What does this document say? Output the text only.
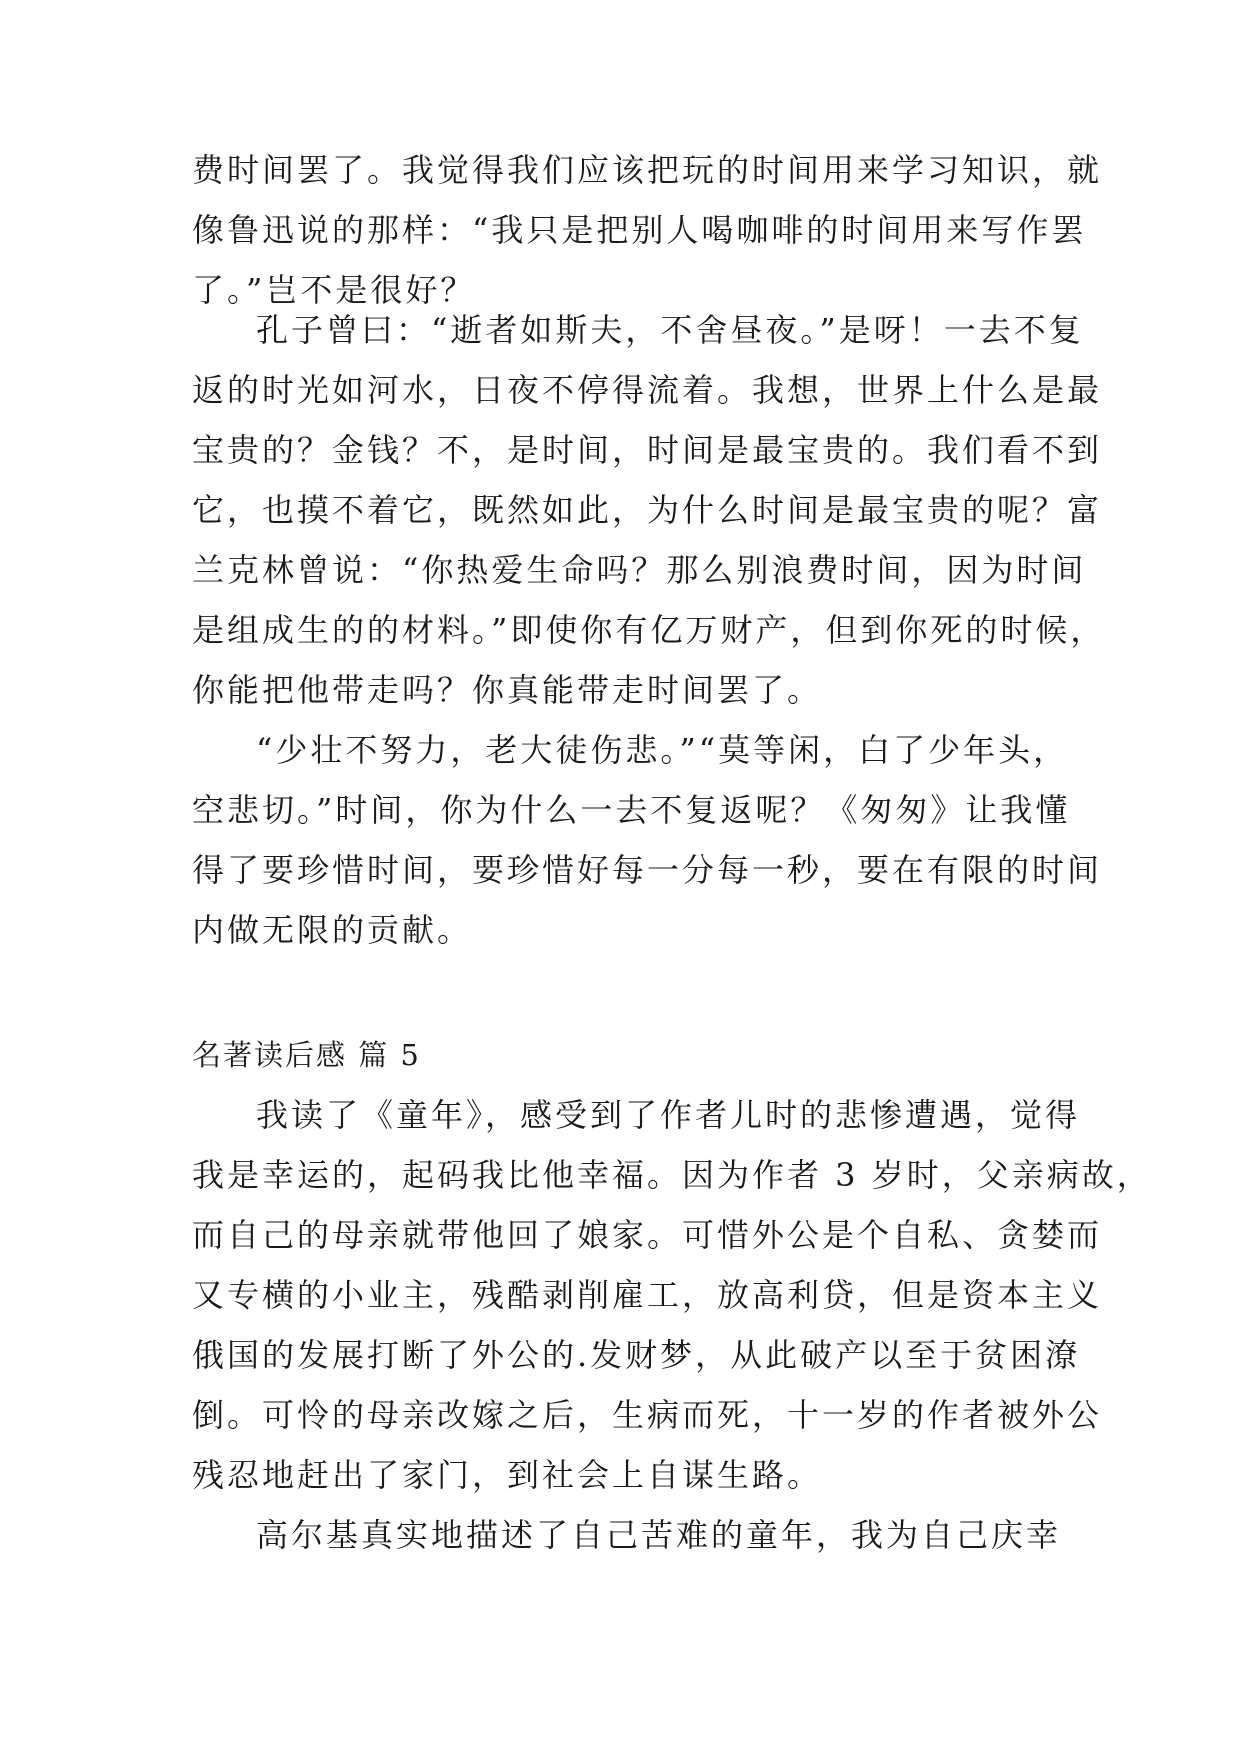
费时间罢了。我觉得我们应该把玩的时间用来学习知识，就
像鲁迅说的那样：“我只是把别人喝咖啡的时间用来写作罢
了。”岂不是很好？
孔子曾曰：“逝者如斯夫，不舍昼夜。”是呀！一去不复
返的时光如河水，日夜不停得流着。我想，世界上什么是最
宝贵的？金钱？不，是时间，时间是最宝贵的。我们看不到
它，也摸不着它，既然如此，为什么时间是最宝贵的呢？富
兰克林曾说：“你热爱生命吗？那么别浪费时间，因为时间
是组成生的的材料。”即使你有亿万财产，但到你死的时候，
你能把他带走吗？你真能带走时间罢了。
“少壮不努力，老大徒伤悲。”“莫等闲，白了少年头，
空悲切。”时间，你为什么一去不复返呢？《匆匆》让我懂
得了要珍惜时间，要珍惜好每一分每一秒，要在有限的时间
内做无限的贡献。
名著读后感 篇 5
我读了《童年》，感受到了作者儿时的悲惨遭遇，觉得
我是幸运的，起码我比他幸福。因为作者 3 岁时，父亲病故，
而自己的母亲就带他回了娘家。可惜外公是个自私、贪婪而
又专横的小业主，残酷剥削雇工，放高利贷，但是资本主义
俄国的发展打断了外公的.发财梦，从此破产以至于贫困潦
倒。可怜的母亲改嫁之后，生病而死，十一岁的作者被外公
残忍地赶出了家门，到社会上自谋生路。
高尔基真实地描述了自己苦难的童年，我为自己庆幸
